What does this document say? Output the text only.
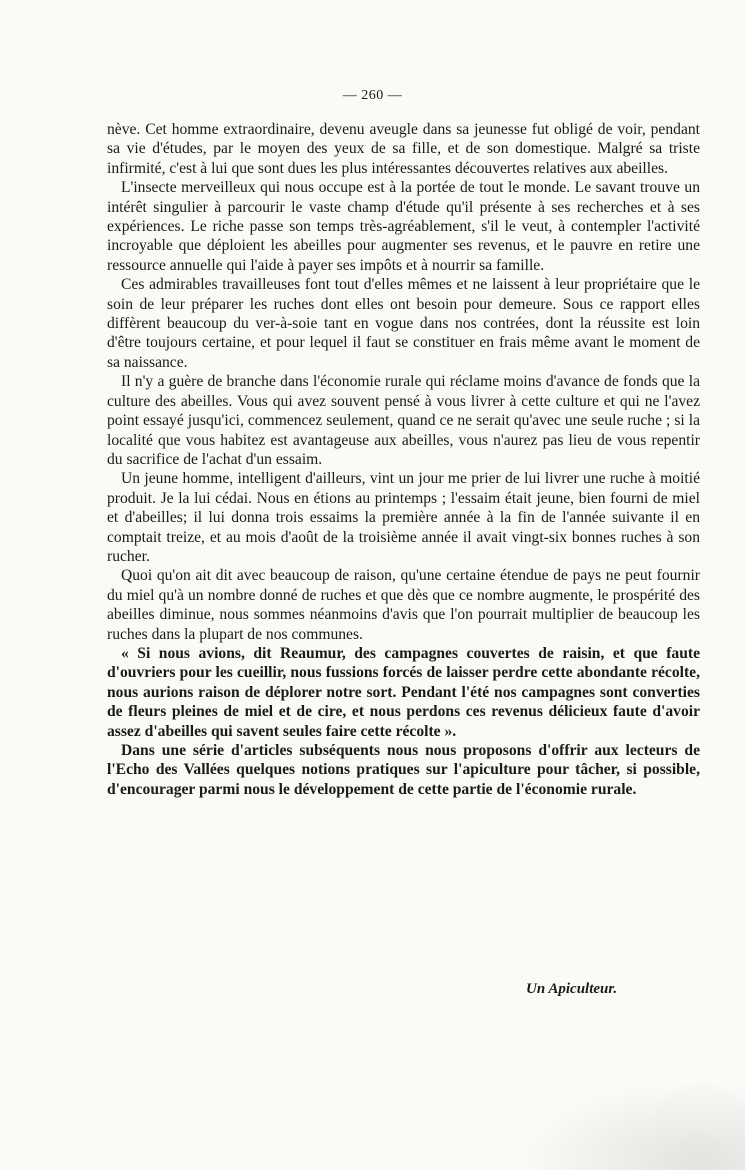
— 260 —

nève. Cet homme extraordinaire, devenu aveugle dans sa jeunesse fut obligé de voir, pendant sa vie d'études, par le moyen des yeux de sa fille, et de son domestique. Malgré sa triste infirmité, c'est à lui que sont dues les plus intéressantes découvertes relatives aux abeilles.

L'insecte merveilleux qui nous occupe est à la portée de tout le monde. Le savant trouve un intérêt singulier à parcourir le vaste champ d'étude qu'il présente à ses recherches et à ses expériences. Le riche passe son temps très-agréablement, s'il le veut, à contempler l'activité incroyable que déploient les abeilles pour augmenter ses revenus, et le pauvre en retire une ressource annuelle qui l'aide à payer ses impôts et à nourrir sa famille.

Ces admirables travailleuses font tout d'elles mêmes et ne laissent à leur propriétaire que le soin de leur préparer les ruches dont elles ont besoin pour demeure. Sous ce rapport elles diffèrent beaucoup du ver-à-soie tant en vogue dans nos contrées, dont la réussite est loin d'être toujours certaine, et pour lequel il faut se constituer en frais même avant le moment de sa naissance.

Il n'y a guère de branche dans l'économie rurale qui réclame moins d'avance de fonds que la culture des abeilles. Vous qui avez souvent pensé à vous livrer à cette culture et qui ne l'avez point essayé jusqu'ici, commencez seulement, quand ce ne serait qu'avec une seule ruche ; si la localité que vous habitez est avantageuse aux abeilles, vous n'aurez pas lieu de vous repentir du sacrifice de l'achat d'un essaim.

Un jeune homme, intelligent d'ailleurs, vint un jour me prier de lui livrer une ruche à moitié produit. Je la lui cédai. Nous en étions au printemps ; l'essaim était jeune, bien fourni de miel et d'abeilles; il lui donna trois essaims la première année à la fin de l'année suivante il en comptait treize, et au mois d'août de la troisième année il avait vingt-six bonnes ruches à son rucher.

Quoi qu'on ait dit avec beaucoup de raison, qu'une certaine étendue de pays ne peut fournir du miel qu'à un nombre donné de ruches et que dès que ce nombre augmente, le prospérité des abeilles diminue, nous sommes néanmoins d'avis que l'on pourrait multiplier de beaucoup les ruches dans la plupart de nos communes.

« Si nous avions, dit Reaumur, des campagnes couvertes de raisin, et que faute d'ouvriers pour les cueillir, nous fussions forcés de laisser perdre cette abondante récolte, nous aurions raison de déplorer notre sort. Pendant l'été nos campagnes sont converties de fleurs pleines de miel et de cire, et nous perdons ces revenus délicieux faute d'avoir assez d'abeilles qui savent seules faire cette récolte ».

Dans une série d'articles subséquents nous nous proposons d'offrir aux lecteurs de l'Echo des Vallées quelques notions pratiques sur l'apiculture pour tâcher, si possible, d'encourager parmi nous le développement de cette partie de l'économie rurale.

Un Apiculteur.
